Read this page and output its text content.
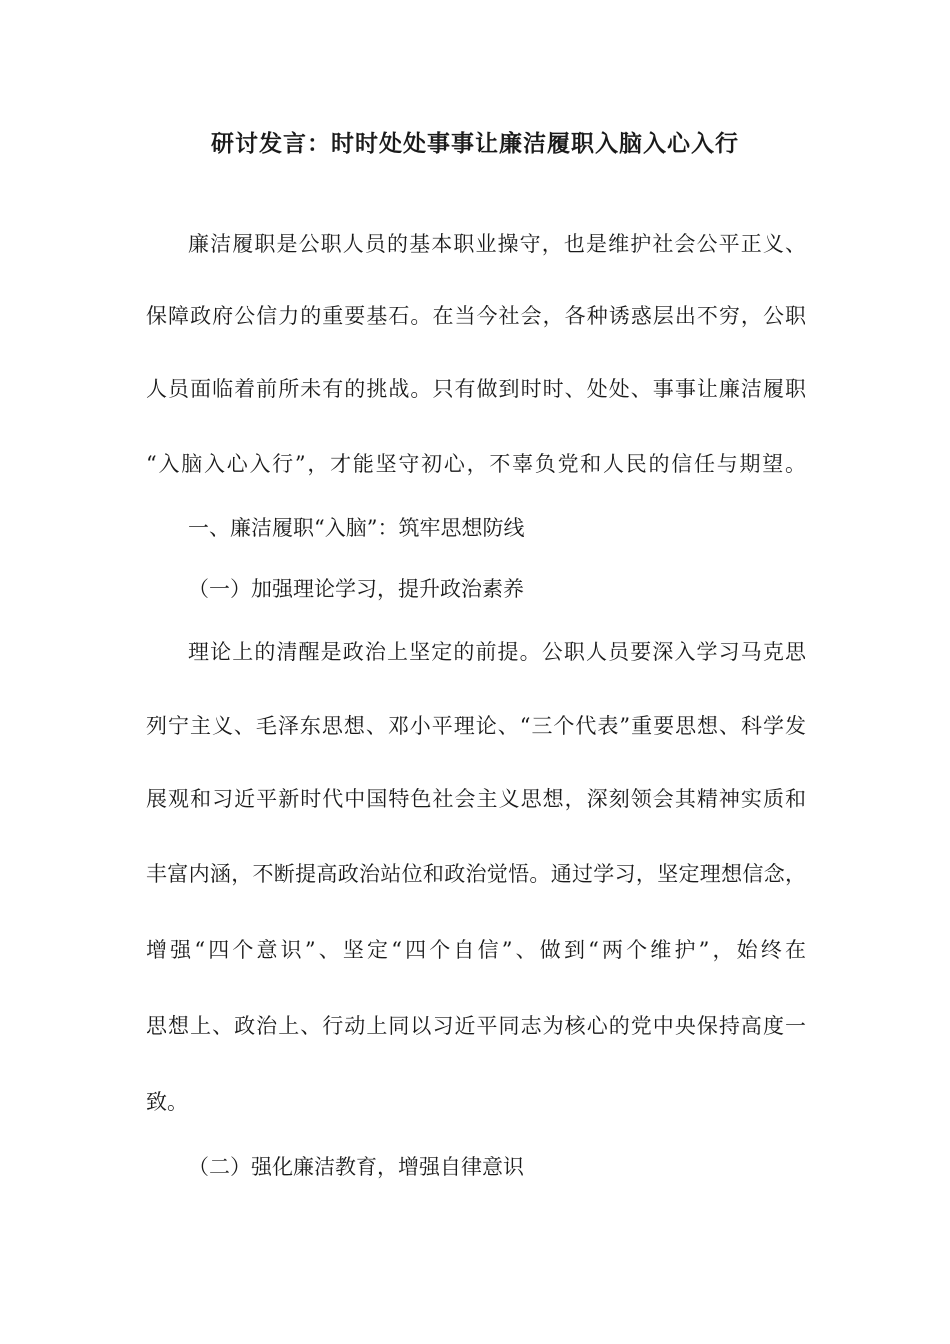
研讨发言：时时处处事事让廉洁履职入脑入心入行

廉洁履职是公职人员的基本职业操守，也是维护社会公平正义、

保障政府公信力的重要基石。在当今社会，各种诱惑层出不穷，公职

人员面临着前所未有的挑战。只有做到时时、处处、事事让廉洁履职

“入脑入心入行”，才能坚守初心，不辜负党和人民的信任与期望。

一、廉洁履职“入脑”：筑牢思想防线

（一）加强理论学习，提升政治素养

理论上的清醒是政治上坚定的前提。公职人员要深入学习马克思

列宁主义、毛泽东思想、邓小平理论、“三个代表”重要思想、科学发

展观和习近平新时代中国特色社会主义思想，深刻领会其精神实质和

丰富内涵，不断提高政治站位和政治觉悟。通过学习，坚定理想信念，

增强“四个意识”、坚定“四个自信”、做到“两个维护”，始终在

思想上、政治上、行动上同以习近平同志为核心的党中央保持高度一

致。

（二）强化廉洁教育，增强自律意识
